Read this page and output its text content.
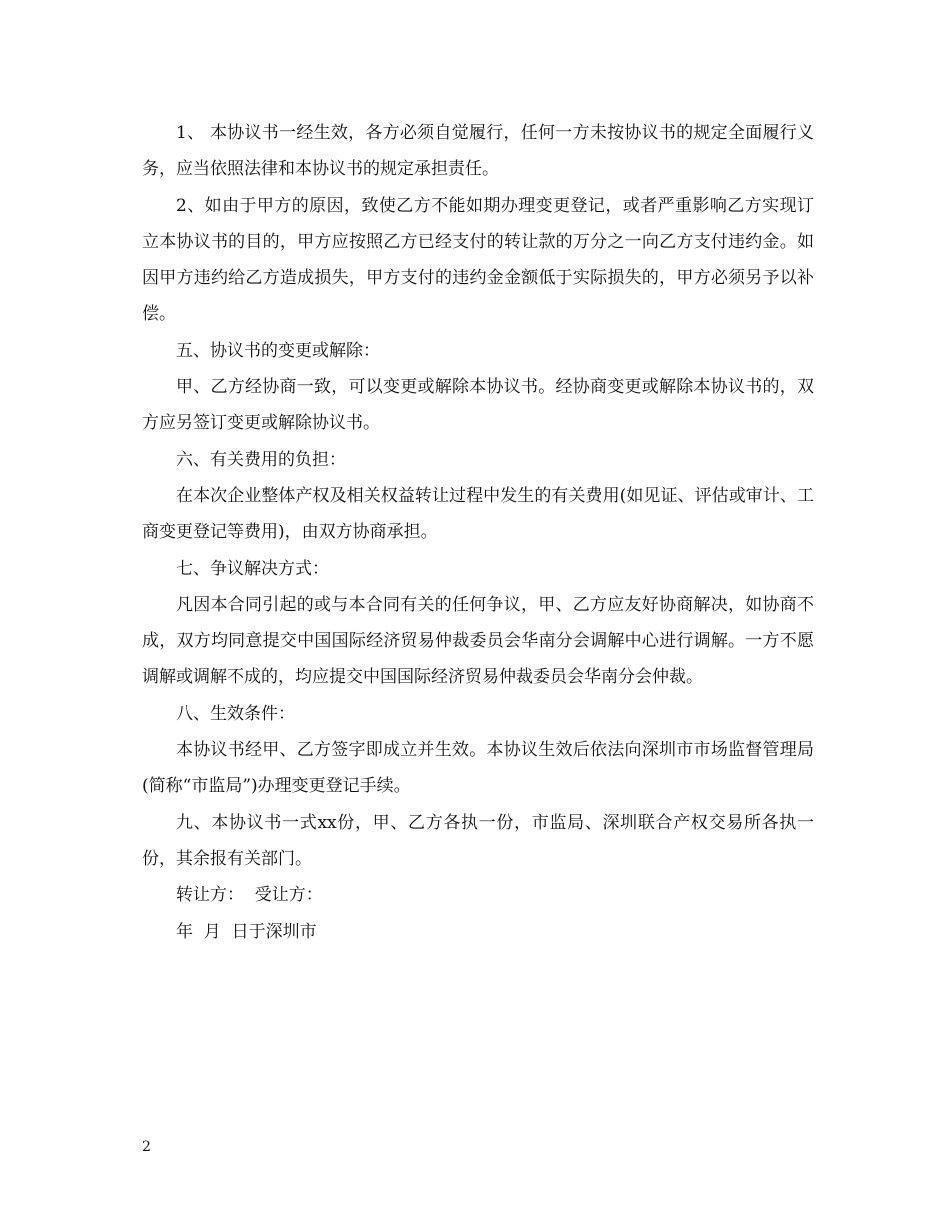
1、 本协议书一经生效，各方必须自觉履行，任何一方未按协议书的规定全面履行义务，应当依照法律和本协议书的规定承担责任。

2、如由于甲方的原因，致使乙方不能如期办理变更登记，或者严重影响乙方实现订立本协议书的目的，甲方应按照乙方已经支付的转让款的万分之一向乙方支付违约金。如因甲方违约给乙方造成损失，甲方支付的违约金金额低于实际损失的，甲方必须另予以补偿。

五、协议书的变更或解除：

甲、乙方经协商一致，可以变更或解除本协议书。经协商变更或解除本协议书的，双方应另签订变更或解除协议书。

六、有关费用的负担：

在本次企业整体产权及相关权益转让过程中发生的有关费用(如见证、评估或审计、工商变更登记等费用)，由双方协商承担。

七、争议解决方式：

凡因本合同引起的或与本合同有关的任何争议，甲、乙方应友好协商解决，如协商不成，双方均同意提交中国国际经济贸易仲裁委员会华南分会调解中心进行调解。一方不愿调解或调解不成的，均应提交中国国际经济贸易仲裁委员会华南分会仲裁。

八、生效条件：

本协议书经甲、乙方签字即成立并生效。本协议生效后依法向深圳市市场监督管理局(简称“市监局”)办理变更登记手续。

九、本协议书一式xx份，甲、乙方各执一份，市监局、深圳联合产权交易所各执一份，其余报有关部门。

转让方：  受让方：

年  月  日于深圳市

2
